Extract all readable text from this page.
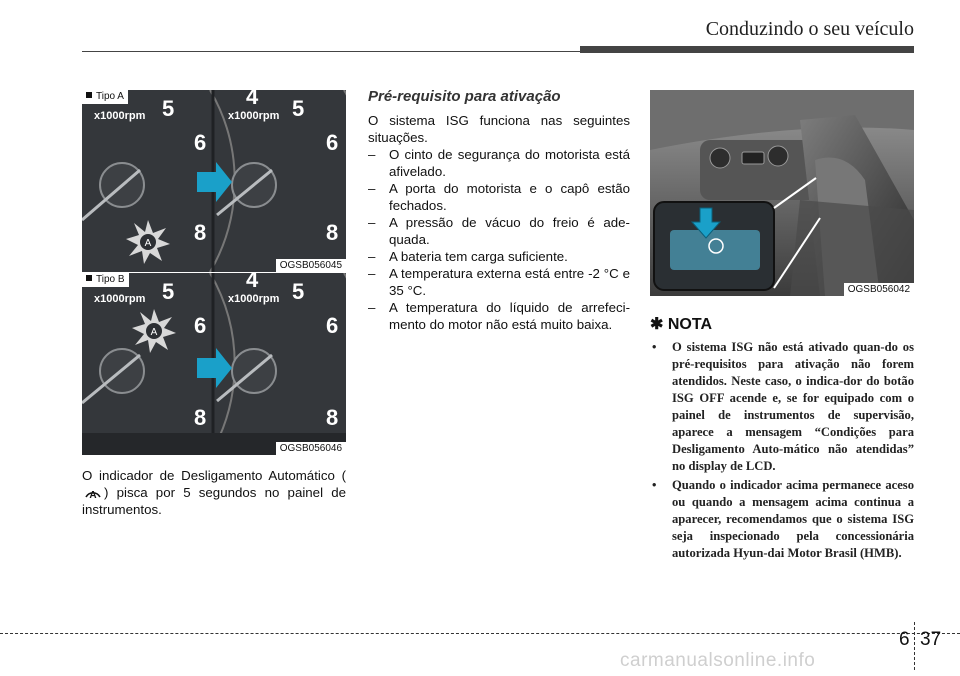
Conduzindo o seu veículo
A
x1000rpm	x1000rpm
5
6
8
4 5
6
8
Tipo A
OGSB056045
A
x1000rpm	x1000rpm
5
6
8
4 5
6
8
Tipo B
OGSB056046
O indicador de Desligamento Automático (
A ) pisca por 5 segundos no painel de instrumentos.
Pré-requisito para ativação
O sistema ISG funciona nas seguintes situações.
– O cinto de segurança do motorista está afivelado.
– A porta do motorista e o capô estão fechados.
– A pressão de vácuo do freio é ade-quada.
– A bateria tem carga suficiente.
– A temperatura externa está entre -2 °C e 35 °C.
– A temperatura do líquido de arrefeci-mento do motor não está muito baixa.
OGSB056042
✱ NOTA
• O sistema ISG não está ativado quan-do os pré-requisitos para ativação não forem atendidos. Neste caso, o indica-dor do botão ISG OFF acende e, se for equipado com o painel de instrumentos de supervisão, aparece a mensagem “Condições para Desligamento Auto-mático não atendidas” no display de LCD.
• Quando o indicador acima permanece aceso ou quando a mensagem acima continua a aparecer, recomendamos que o sistema ISG seja inspecionado pela concessionária autorizada Hyun-dai Motor Brasil (HMB).
6 37
carmanualsonline.info
